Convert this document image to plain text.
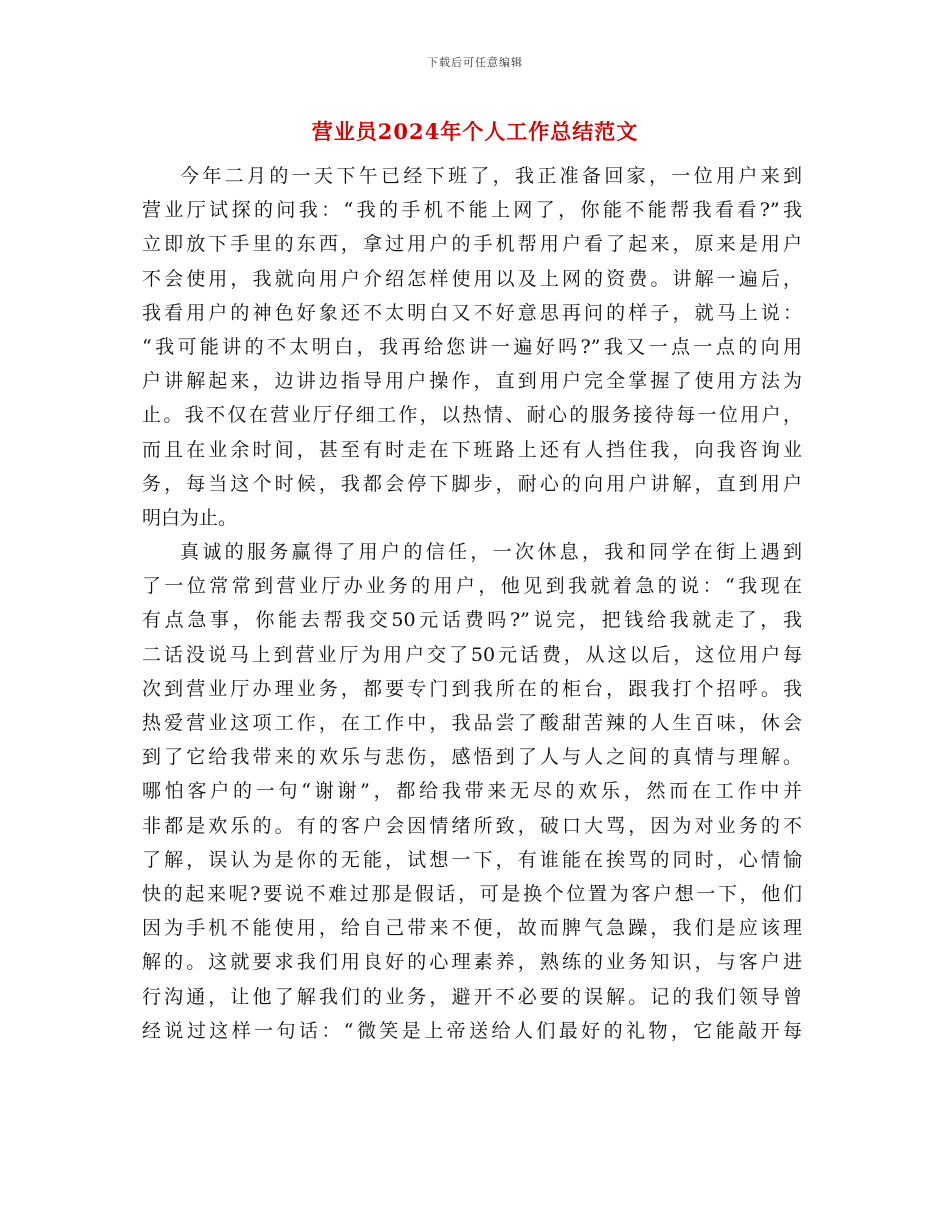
下载后可任意编辑
营业员2024年个人工作总结范文
今年二月的一天下午已经下班了，我正准备回家，一位用户来到
营业厅试探的问我：“我的手机不能上网了，你能不能帮我看看?”我
立即放下手里的东西，拿过用户的手机帮用户看了起来，原来是用户
不会使用，我就向用户介绍怎样使用以及上网的资费。讲解一遍后，
我看用户的神色好象还不太明白又不好意思再问的样子，就马上说：
“我可能讲的不太明白，我再给您讲一遍好吗?”我又一点一点的向用
户讲解起来，边讲边指导用户操作，直到用户完全掌握了使用方法为
止。我不仅在营业厅仔细工作，以热情、耐心的服务接待每一位用户，
而且在业余时间，甚至有时走在下班路上还有人挡住我，向我咨询业
务，每当这个时候，我都会停下脚步，耐心的向用户讲解，直到用户
明白为止。
真诚的服务赢得了用户的信任，一次休息，我和同学在街上遇到
了一位常常到营业厅办业务的用户，他见到我就着急的说：“我现在
有点急事，你能去帮我交50元话费吗?”说完，把钱给我就走了，我
二话没说马上到营业厅为用户交了50元话费，从这以后，这位用户每
次到营业厅办理业务，都要专门到我所在的柜台，跟我打个招呼。我
热爱营业这项工作，在工作中，我品尝了酸甜苦辣的人生百味，休会
到了它给我带来的欢乐与悲伤，感悟到了人与人之间的真情与理解。
哪怕客户的一句“谢谢”，都给我带来无尽的欢乐，然而在工作中并
非都是欢乐的。有的客户会因情绪所致，破口大骂，因为对业务的不
了解，误认为是你的无能，试想一下，有谁能在挨骂的同时，心情愉
快的起来呢?要说不难过那是假话，可是换个位置为客户想一下，他们
因为手机不能使用，给自己带来不便，故而脾气急躁，我们是应该理
解的。这就要求我们用良好的心理素养，熟练的业务知识，与客户进
行沟通，让他了解我们的业务，避开不必要的误解。记的我们领导曾
经说过这样一句话：“微笑是上帝送给人们最好的礼物，它能敲开每
